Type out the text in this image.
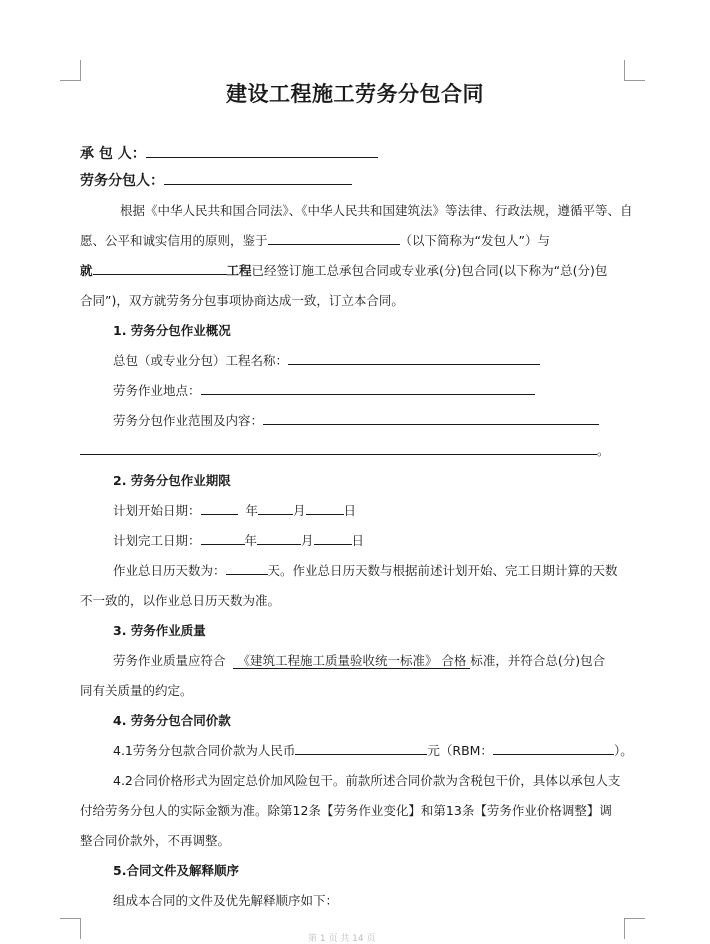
建设工程施工劳务分包合同
承 包 人：
劳务分包人：
根据《中华人民共和国合同法》、《中华人民共和国建筑法》等法律、行政法规，遵循平等、自
愿、公平和诚实信用的原则，鉴于	（以下简称为“发包人”）与
就	工程已经签订施工总承包合同或专业承(分)包合同(以下称为“总(分)包
合同”)，双方就劳务分包事项协商达成一致，订立本合同。
1. 劳务分包作业概况
总包（或专业分包）工程名称：
劳务作业地点：
劳务分包作业范围及内容：
。
2. 劳务分包作业期限
计划开始日期：	年	月	日
计划完工日期：	年	月	日
作业总日历天数为：	天。作业总日历天数与根据前述计划开始、完工日期计算的天数
不一致的，以作业总日历天数为准。
3. 劳务作业质量
劳务作业质量应符合   《建筑工程施工质量验收统一标准》 合格 标准，并符合总(分)包合
同有关质量的约定。
4. 劳务分包合同价款
4.1劳务分包款合同价款为人民币	元（RBM：	）。
4.2合同价格形式为固定总价加风险包干。前款所述合同价款为含税包干价，具体以承包人支
付给劳务分包人的实际金额为准。除第12条【劳务作业变化】和第13条【劳务作业价格调整】调
整合同价款外，不再调整。
5.合同文件及解释顺序
组成本合同的文件及优先解释顺序如下：
第 1 页 共 14 页
